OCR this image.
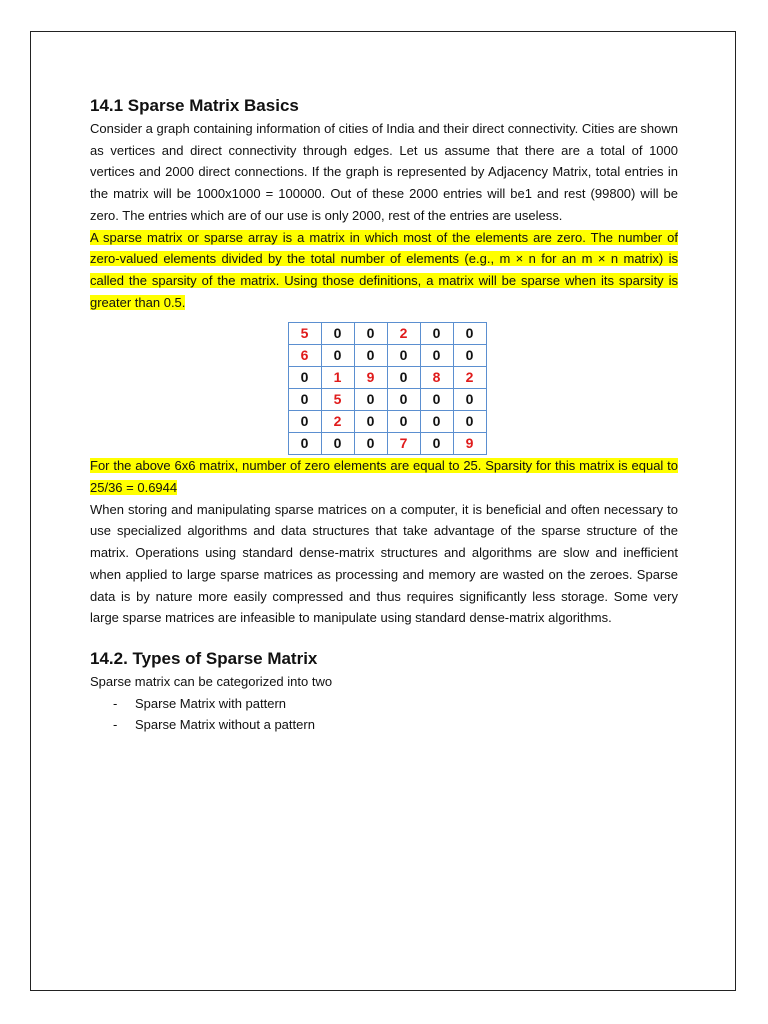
14.1 Sparse Matrix Basics

Consider a graph containing information of cities of India and their direct connectivity. Cities are shown as vertices and direct connectivity through edges. Let us assume that there are a total of 1000 vertices and 2000 direct connections. If the graph is represented by Adjacency Matrix, total entries in the matrix will be 1000x1000 = 100000. Out of these 2000 entries will be1 and rest (99800) will be zero. The entries which are of our use is only 2000, rest of the entries are useless.

A sparse matrix or sparse array is a matrix in which most of the elements are zero. The number of zero-valued elements divided by the total number of elements (e.g., m × n for an m × n matrix) is called the sparsity of the matrix. Using those definitions, a matrix will be sparse when its sparsity is greater than 0.5.

5	0	0	2	0	0
6	0	0	0	0	0
0	1	9	0	8	2
0	5	0	0	0	0
0	2	0	0	0	0
0	0	0	7	0	9

For the above 6x6 matrix, number of zero elements are equal to 25. Sparsity for this matrix is equal to 25/36 = 0.6944

When storing and manipulating sparse matrices on a computer, it is beneficial and often necessary to use specialized algorithms and data structures that take advantage of the sparse structure of the matrix. Operations using standard dense-matrix structures and algorithms are slow and inefficient when applied to large sparse matrices as processing and memory are wasted on the zeroes. Sparse data is by nature more easily compressed and thus requires significantly less storage. Some very large sparse matrices are infeasible to manipulate using standard dense-matrix algorithms.

14.2. Types of Sparse Matrix

Sparse matrix can be categorized into two

- Sparse Matrix with pattern
- Sparse Matrix without a pattern
